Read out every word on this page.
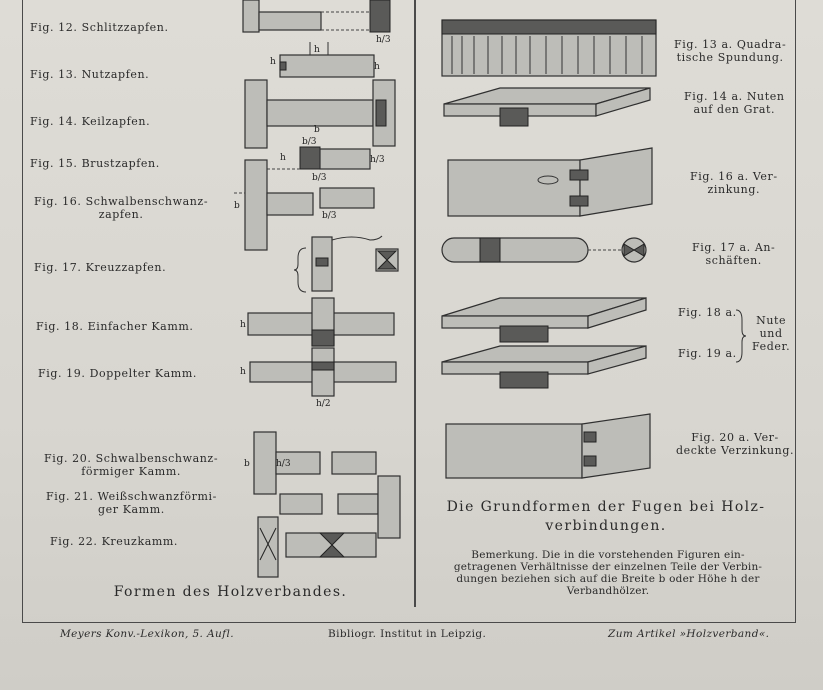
Fig. 12. Schlitzzapfen.
Fig. 13. Nutzapfen.
Fig. 14. Keilzapfen.
Fig. 15. Brustzapfen.
Fig. 16. Schwalbenschwanz-
zapfen.
Fig. 17. Kreuzzapfen.
Fig. 18. Einfacher Kamm.
Fig. 19. Doppelter Kamm.
Fig. 20. Schwalbenschwanz-
förmiger Kamm.
Fig. 21. Weißschwanzförmi-
ger Kamm.
Fig. 22. Kreuzkamm.
Fig. 13 a. Quadra-
tische Spundung.
Fig. 14 a. Nuten
auf den Grat.
Fig. 16 a. Ver-
zinkung.
Fig. 17 a. An-
schäften.
Fig. 18 a.
Fig. 19 a.
Nute
und
Feder.
Fig. 20 a. Ver-
deckte Verzinkung.
Formen des Holzverbandes.
Die Grundformen der Fugen bei Holz-
verbindungen.
Bemerkung. Die in die vorstehenden Figuren ein-
getragenen Verhältnisse der einzelnen Teile der Verbin-
dungen beziehen sich auf die Breite b oder Höhe h der
Verbandhölzer.
Meyers Konv.-Lexikon, 5. Aufl.	Bibliogr. Institut in Leipzig.	Zum Artikel »Holzverband«.
h/3
h
h	h
b
h
b/3
b/3
h/3
b
b/3
h
h
h/2
b	h/3
